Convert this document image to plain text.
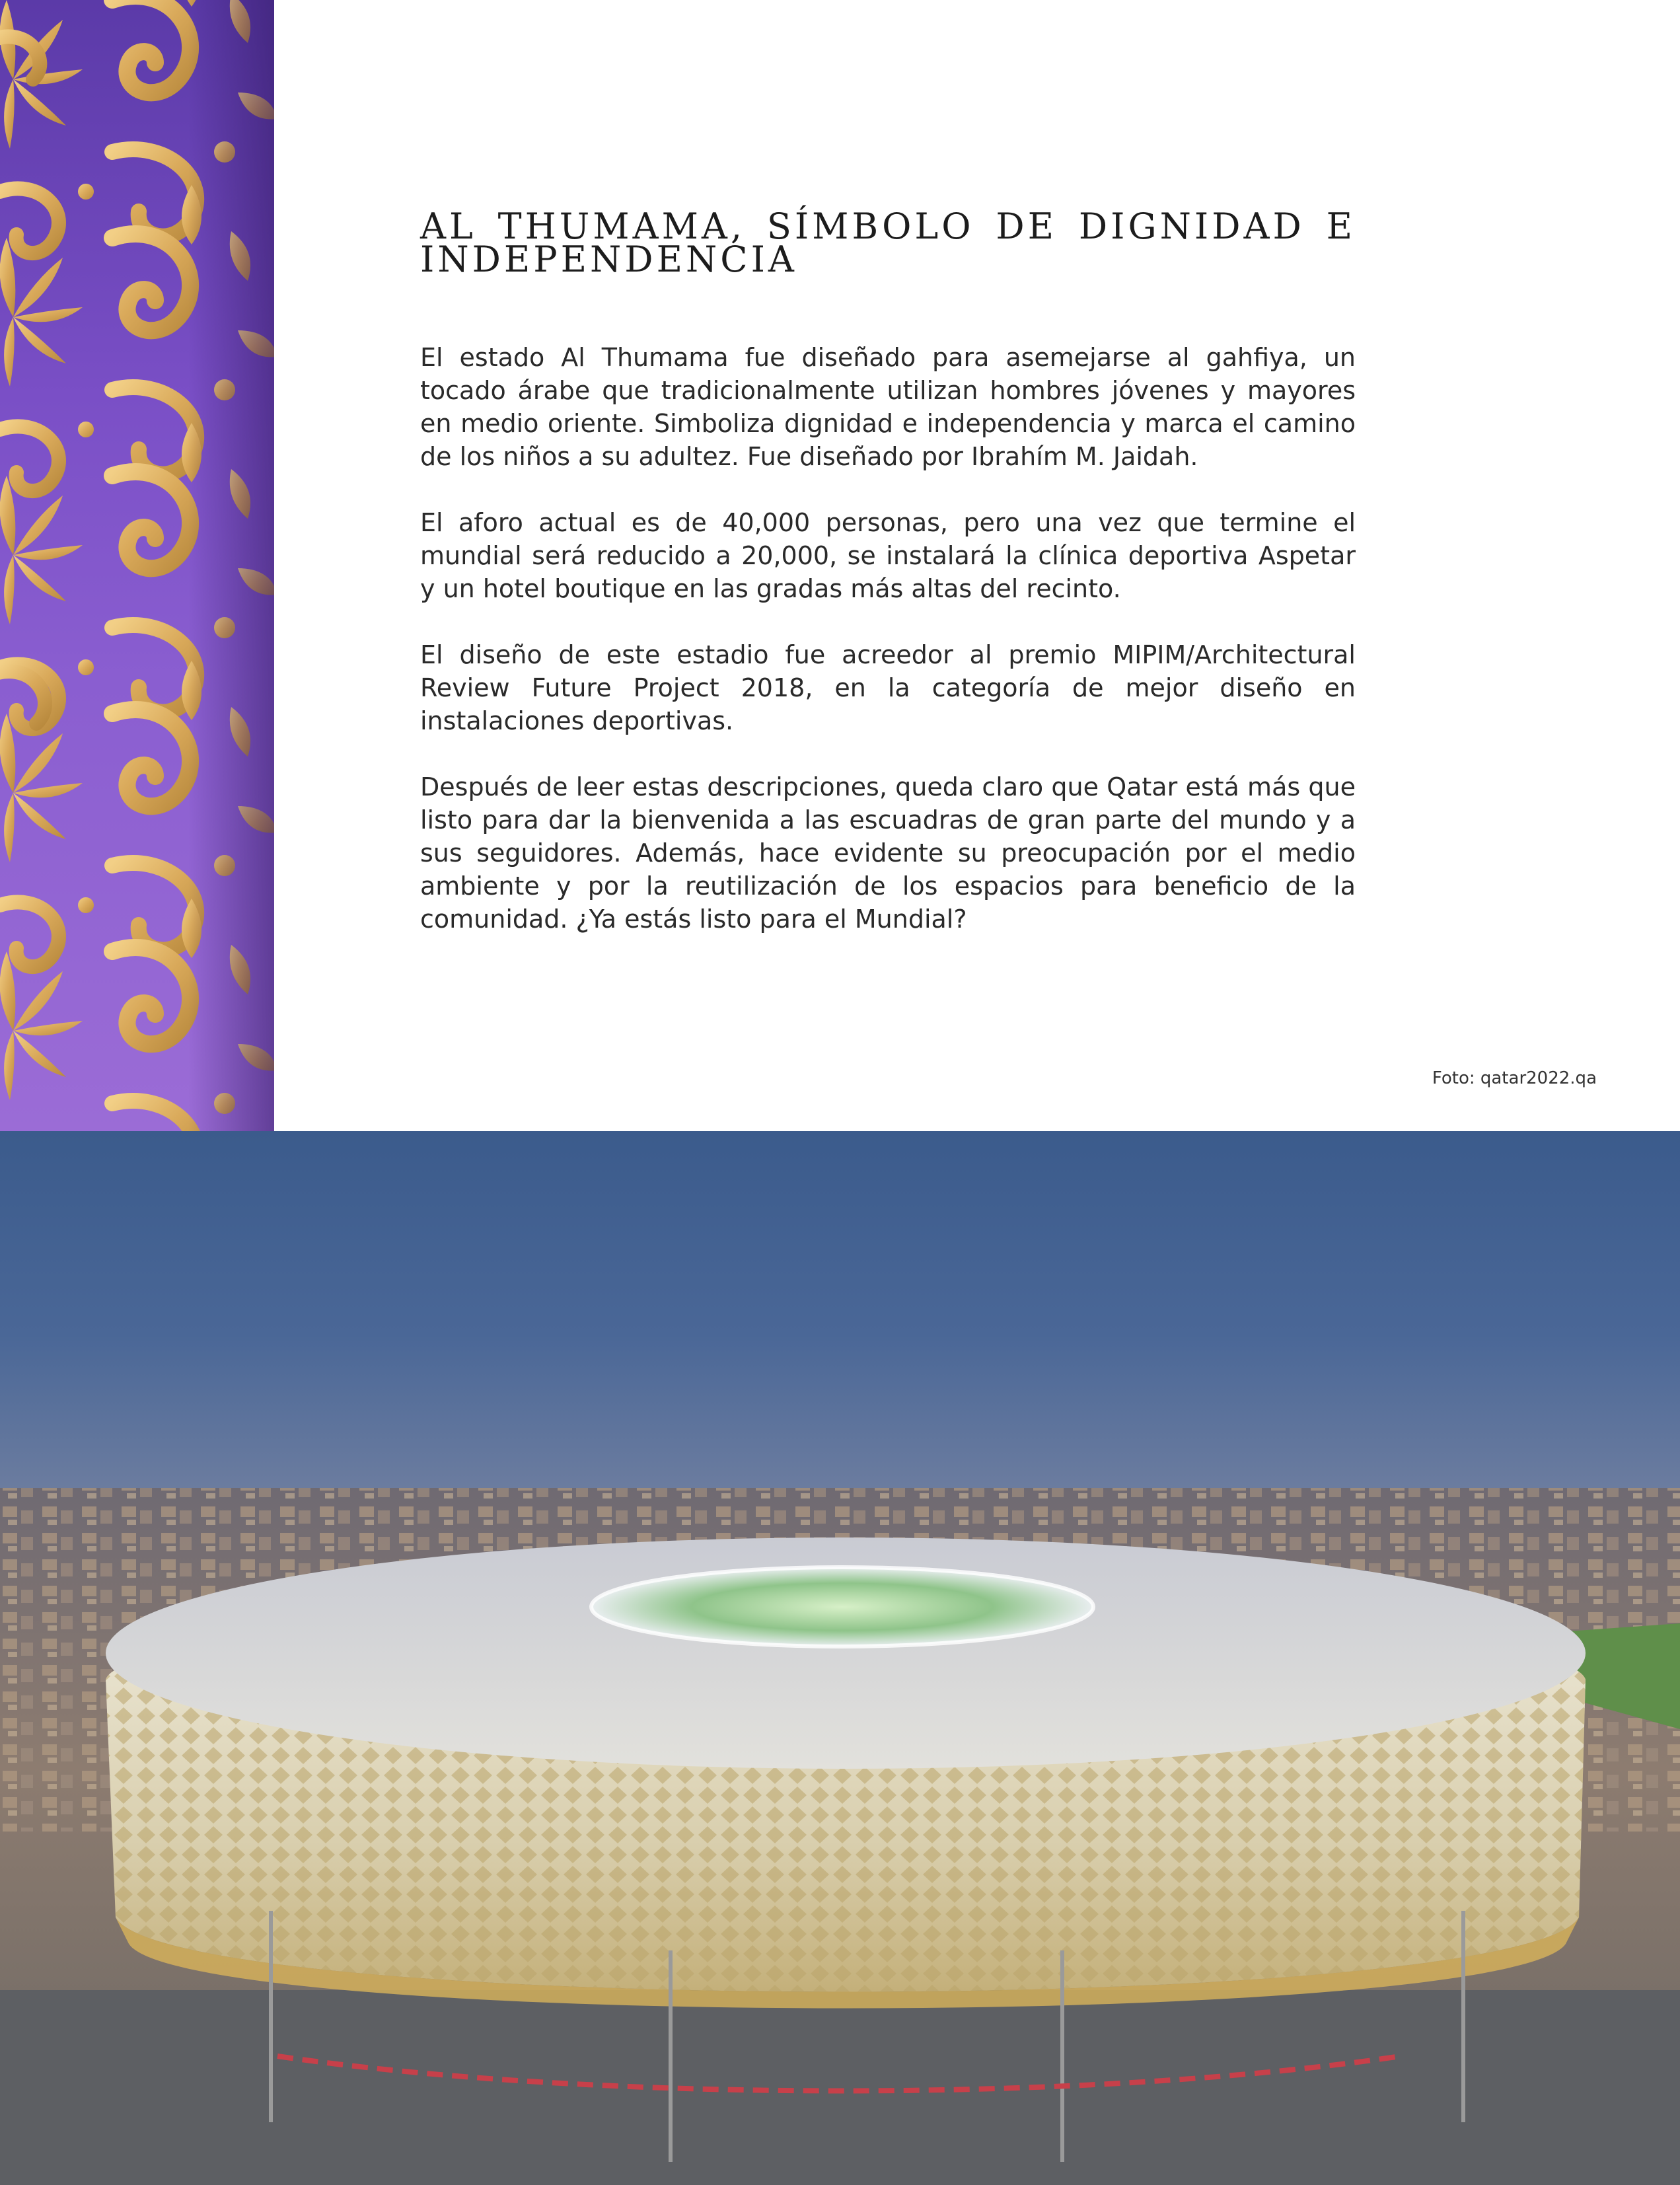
AL THUMAMA, SÍMBOLO DE DIGNIDAD E INDEPENDENCIA

El estado Al Thumama fue diseñado para asemejarse al gahfiya, un tocado árabe que tradicionalmente utilizan hombres jóvenes y mayores en medio oriente. Simboliza dignidad e independencia y marca el camino de los niños a su adultez. Fue diseñado por Ibrahím M. Jaidah.

El aforo actual es de 40,000 personas, pero una vez que termine el mundial será reducido a 20,000, se instalará la clínica deportiva Aspetar y un hotel boutique en las gradas más altas del recinto.

El diseño de este estadio fue acreedor al premio MIPIM/Architectural Review Future Project 2018, en la categoría de mejor diseño en instalaciones deportivas.

Después de leer estas descripciones, queda claro que Qatar está más que listo para dar la bienvenida a las escuadras de gran parte del mundo y a sus seguidores. Además, hace evidente su preocupación por el medio ambiente y por la reutilización de los espacios para beneficio de la comunidad. ¿Ya estás listo para el Mundial?

Foto: qatar2022.qa
